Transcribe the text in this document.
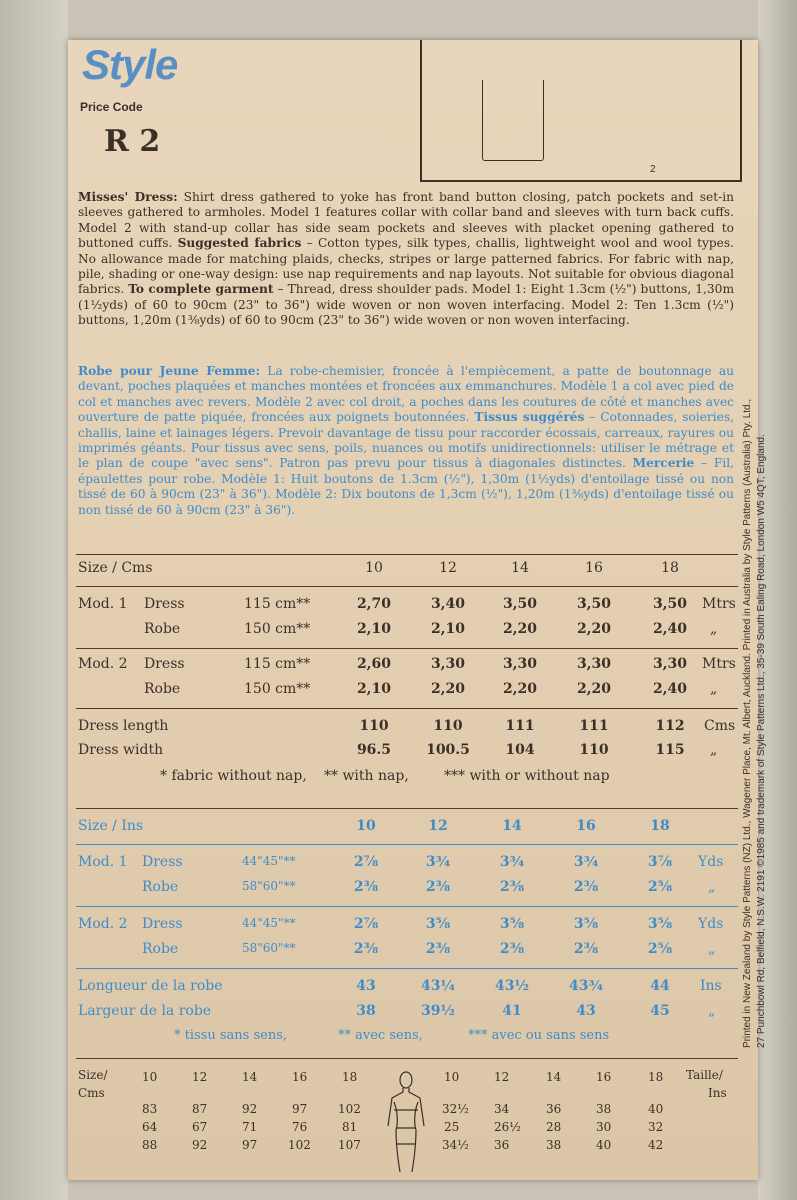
Style
Price Code
R 2
2
Misses' Dress: Shirt dress gathered to yoke has front band button closing, patch pockets and set-in sleeves gathered to armholes. Model 1 features collar with collar band and sleeves with turn back cuffs. Model 2 with stand-up collar has side seam pockets and sleeves with placket opening gathered to buttoned cuffs. Suggested fabrics – Cotton types, silk types, challis, lightweight wool and wool types. No allowance made for matching plaids, checks, stripes or large patterned fabrics. For fabric with nap, pile, shading or one-way design: use nap requirements and nap layouts. Not suitable for obvious diagonal fabrics. To complete garment – Thread, dress shoulder pads. Model 1: Eight 1.3cm (½") buttons, 1,30m (1½yds) of 60 to 90cm (23" to 36") wide woven or non woven interfacing. Model 2: Ten 1.3cm (½") buttons, 1,20m (1⅜yds) of 60 to 90cm (23" to 36") wide woven or non woven interfacing.
Robe pour Jeune Femme: La robe-chemisier, froncée à l'empiècement, a patte de boutonnage au devant, poches plaquées et manches montées et froncées aux emmanchures. Modèle 1 a col avec pied de col et manches avec revers. Modèle 2 avec col droit, a poches dans les coutures de côté et manches avec ouverture de patte piquée, froncées aux poignets boutonnées. Tissus suggérés – Cotonnades, soieries, challis, laine et lainages légers. Prevoir davantage de tissu pour raccorder écossais, carreaux, rayures ou imprimés géants. Pour tissus avec sens, poils, nuances ou motifs unidirectionnels: utiliser le métrage et le plan de coupe "avec sens". Patron pas prevu pour tissus à diagonales distinctes. Mercerie – Fil, épaulettes pour robe. Modèle 1: Huit boutons de 1.3cm (½"), 1,30m (1½yds) d'entoilage tissé ou non tissé de 60 à 90cm (23" à 36"). Modèle 2: Dix boutons de 1,3cm (½"), 1,20m (1⅜yds) d'entoilage tissé ou non tissé de 60 à 90cm (23" à 36").	Printed in New Zealand by Style Patterns (NZ) Ltd., Wagener Place, Mt. Albert, Auckland. Printed in Australia by Style Patterns (Australia) Pty. Ltd., 27 Punchbowl Rd, Belfield, N.S.W. 2191 ©1985 and trademark of Style Patterns Ltd., 35-39 South Ealing Road, London W5 4QT, England.
Size / Cms	10	12	14	16	18
Mod. 1 Dress	115 cm**	2,70	3,40	3,50	3,50	3,50	Mtrs
Robe	150 cm**	2,10	2,10	2,20	2,20	2,40	„
Mod. 2 Dress	115 cm**	2,60	3,30	3,30	3,30	3,30	Mtrs
Robe	150 cm**	2,10	2,20	2,20	2,20	2,40	„
Dress length	110	110	111	111	112	Cms
Dress width	96.5	100.5	104	110	115	„
* fabric without nap, ** with nap,	*** with or without nap
Size / Ins	10	12	14	16	18
Mod. 1 Dress	44"45"**	2⅞	3¾	3¾	3¾	3⅞	Yds
Robe	58"60"**	2⅜	2⅜	2⅜	2⅜	2⅝	„
Mod. 2 Dress	44"45"**	2⅞	3⅝	3⅝	3⅝	3⅝	Yds
Robe	58"60"**	2⅜	2⅜	2⅜	2⅜	2⅝	„
Longueur de la robe	43	43¼	43½	43¾	44	Ins
Largeur de la robe	38	39½	41	43	45	„
* tissu sans sens,	** avec sens,	*** avec ou sans sens
Size/
Cms
10	12	14	16	18
83	87	92	97	102
64	67	71	76	81
88	92	97	102 107
10	12	14	16	18 Taille/
Ins
32½ 34	36	38	40
25	26½ 28	30	32
34½ 36	38	40	42
